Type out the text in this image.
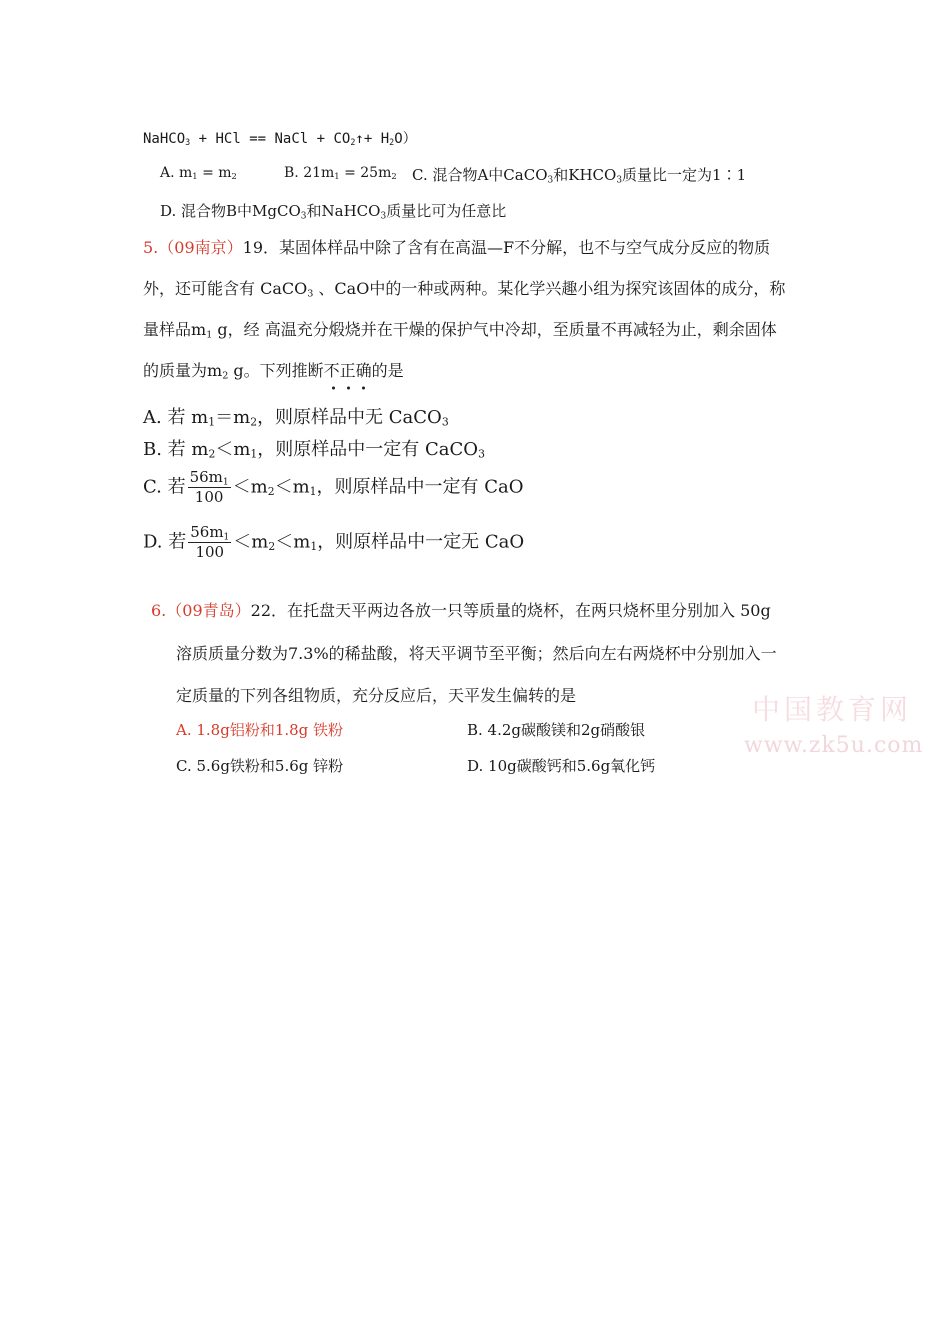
NaHCO$_3$ + HCl == NaCl + $CO_2↑+ H_2O$）
A. $m_1 = m_2$	B. $21m_1 = 25m_2$ C. 混合物A中CaCO$_3$和$KHCO_3$质量比一定为1∶1
D. 混合物B中MgCO$_3$和NaHCO$_3$质量比可为任意比
5.（09南京）19．某固体样品中除了含有在高温—F不分解，也不与空气成分反应的物质
外，还可能含有 CaCO$_3$ 、CaO中的一种或两种。某化学兴趣小组为探究该固体的成分，称
量样品$m_1$ g，经 高温充分煅烧并在干燥的保护气中冷却，至质量不再减轻为止，剩余固体
的质量为$m_2$ g。下列推断不正确的是
A. 若 $m_1=m_2$，则原样品中无 CaCO$_3$
B. 若 $m_2<m_1$，则原样品中一定有 CaCO$_3$
C. 若 $\frac{56m_1}{100} <m_2<m_1$，则原样品中一定有 CaO
D. 若 $\frac{56m_1}{100} <m_2<m_1$，则原样品中一定无 CaO
6.（09青岛）22．在托盘天平两边各放一只等质量的烧杯，在两只烧杯里分别加入 50g
溶质质量分数为7.3%的稀盐酸，将天平调节至平衡；然后向左右两烧杯中分别加入一
定质量的下列各组物质，充分反应后，天平发生偏转的是
A. 1.8g铝粉和1.8g 铁粉	B. 4.2g碳酸镁和2g硝酸银
C. 5.6g铁粉和5.6g 锌粉	D. 10g碳酸钙和5.6g氧化钙
中国教育网
www.zk5u.com
